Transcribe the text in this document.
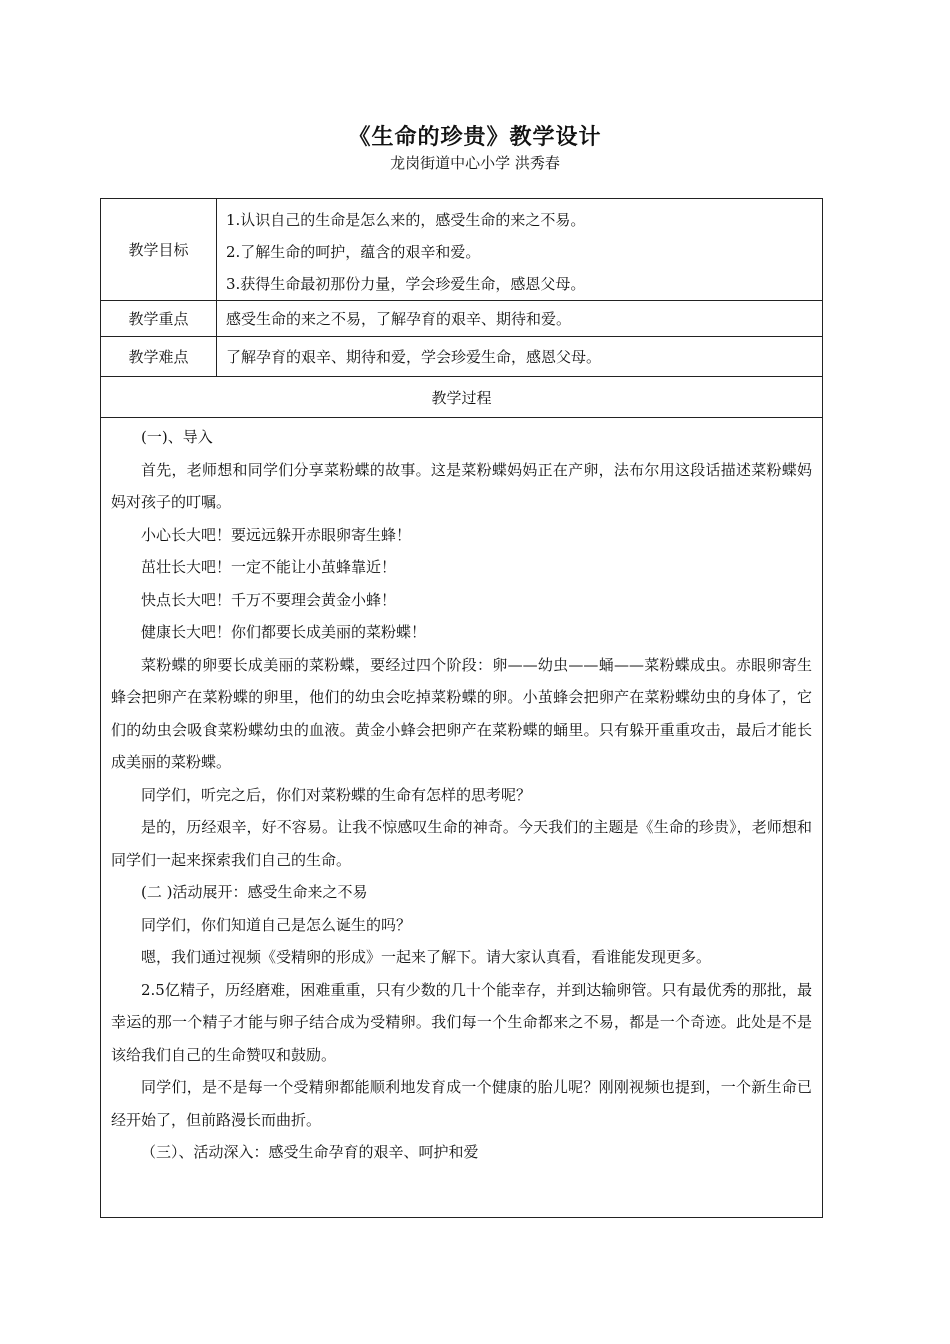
《生命的珍贵》教学设计
龙岗街道中心小学 洪秀春
教学目标

1.认识自己的生命是怎么来的，感受生命的来之不易。

2.了解生命的呵护，蕴含的艰辛和爱。

3.获得生命最初那份力量，学会珍爱生命，感恩父母。

教学重点	感受生命的来之不易，了解孕育的艰辛、期待和爱。
教学难点	了解孕育的艰辛、期待和爱，学会珍爱生命，感恩父母。
教学过程

(一)、导入

首先，老师想和同学们分享菜粉蝶的故事。这是菜粉蝶妈妈正在产卵，法布尔用这段话描述菜粉蝶妈妈对孩子的叮嘱。

小心长大吧！要远远躲开赤眼卵寄生蜂！

茁壮长大吧！一定不能让小茧蜂靠近！

快点长大吧！千万不要理会黄金小蜂！

健康长大吧！你们都要长成美丽的菜粉蝶！

菜粉蝶的卵要长成美丽的菜粉蝶，要经过四个阶段：卵——幼虫——蛹——菜粉蝶成虫。赤眼卵寄生蜂会把卵产在菜粉蝶的卵里，他们的幼虫会吃掉菜粉蝶的卵。小茧蜂会把卵产在菜粉蝶幼虫的身体了，它们的幼虫会吸食菜粉蝶幼虫的血液。黄金小蜂会把卵产在菜粉蝶的蛹里。只有躲开重重攻击，最后才能长成美丽的菜粉蝶。

同学们，听完之后，你们对菜粉蝶的生命有怎样的思考呢？

是的，历经艰辛，好不容易。让我不惊感叹生命的神奇。今天我们的主题是《生命的珍贵》，老师想和同学们一起来探索我们自己的生命。

(二 )活动展开：感受生命来之不易

同学们，你们知道自己是怎么诞生的吗？

嗯，我们通过视频《受精卵的形成》一起来了解下。请大家认真看，看谁能发现更多。

2.5亿精子，历经磨难，困难重重，只有少数的几十个能幸存，并到达输卵管。只有最优秀的那批，最幸运的那一个精子才能与卵子结合成为受精卵。我们每一个生命都来之不易，都是一个奇迹。此处是不是该给我们自己的生命赞叹和鼓励。

同学们，是不是每一个受精卵都能顺利地发育成一个健康的胎儿呢？刚刚视频也提到，一个新生命已经开始了，但前路漫长而曲折。

（三）、活动深入：感受生命孕育的艰辛、呵护和爱
